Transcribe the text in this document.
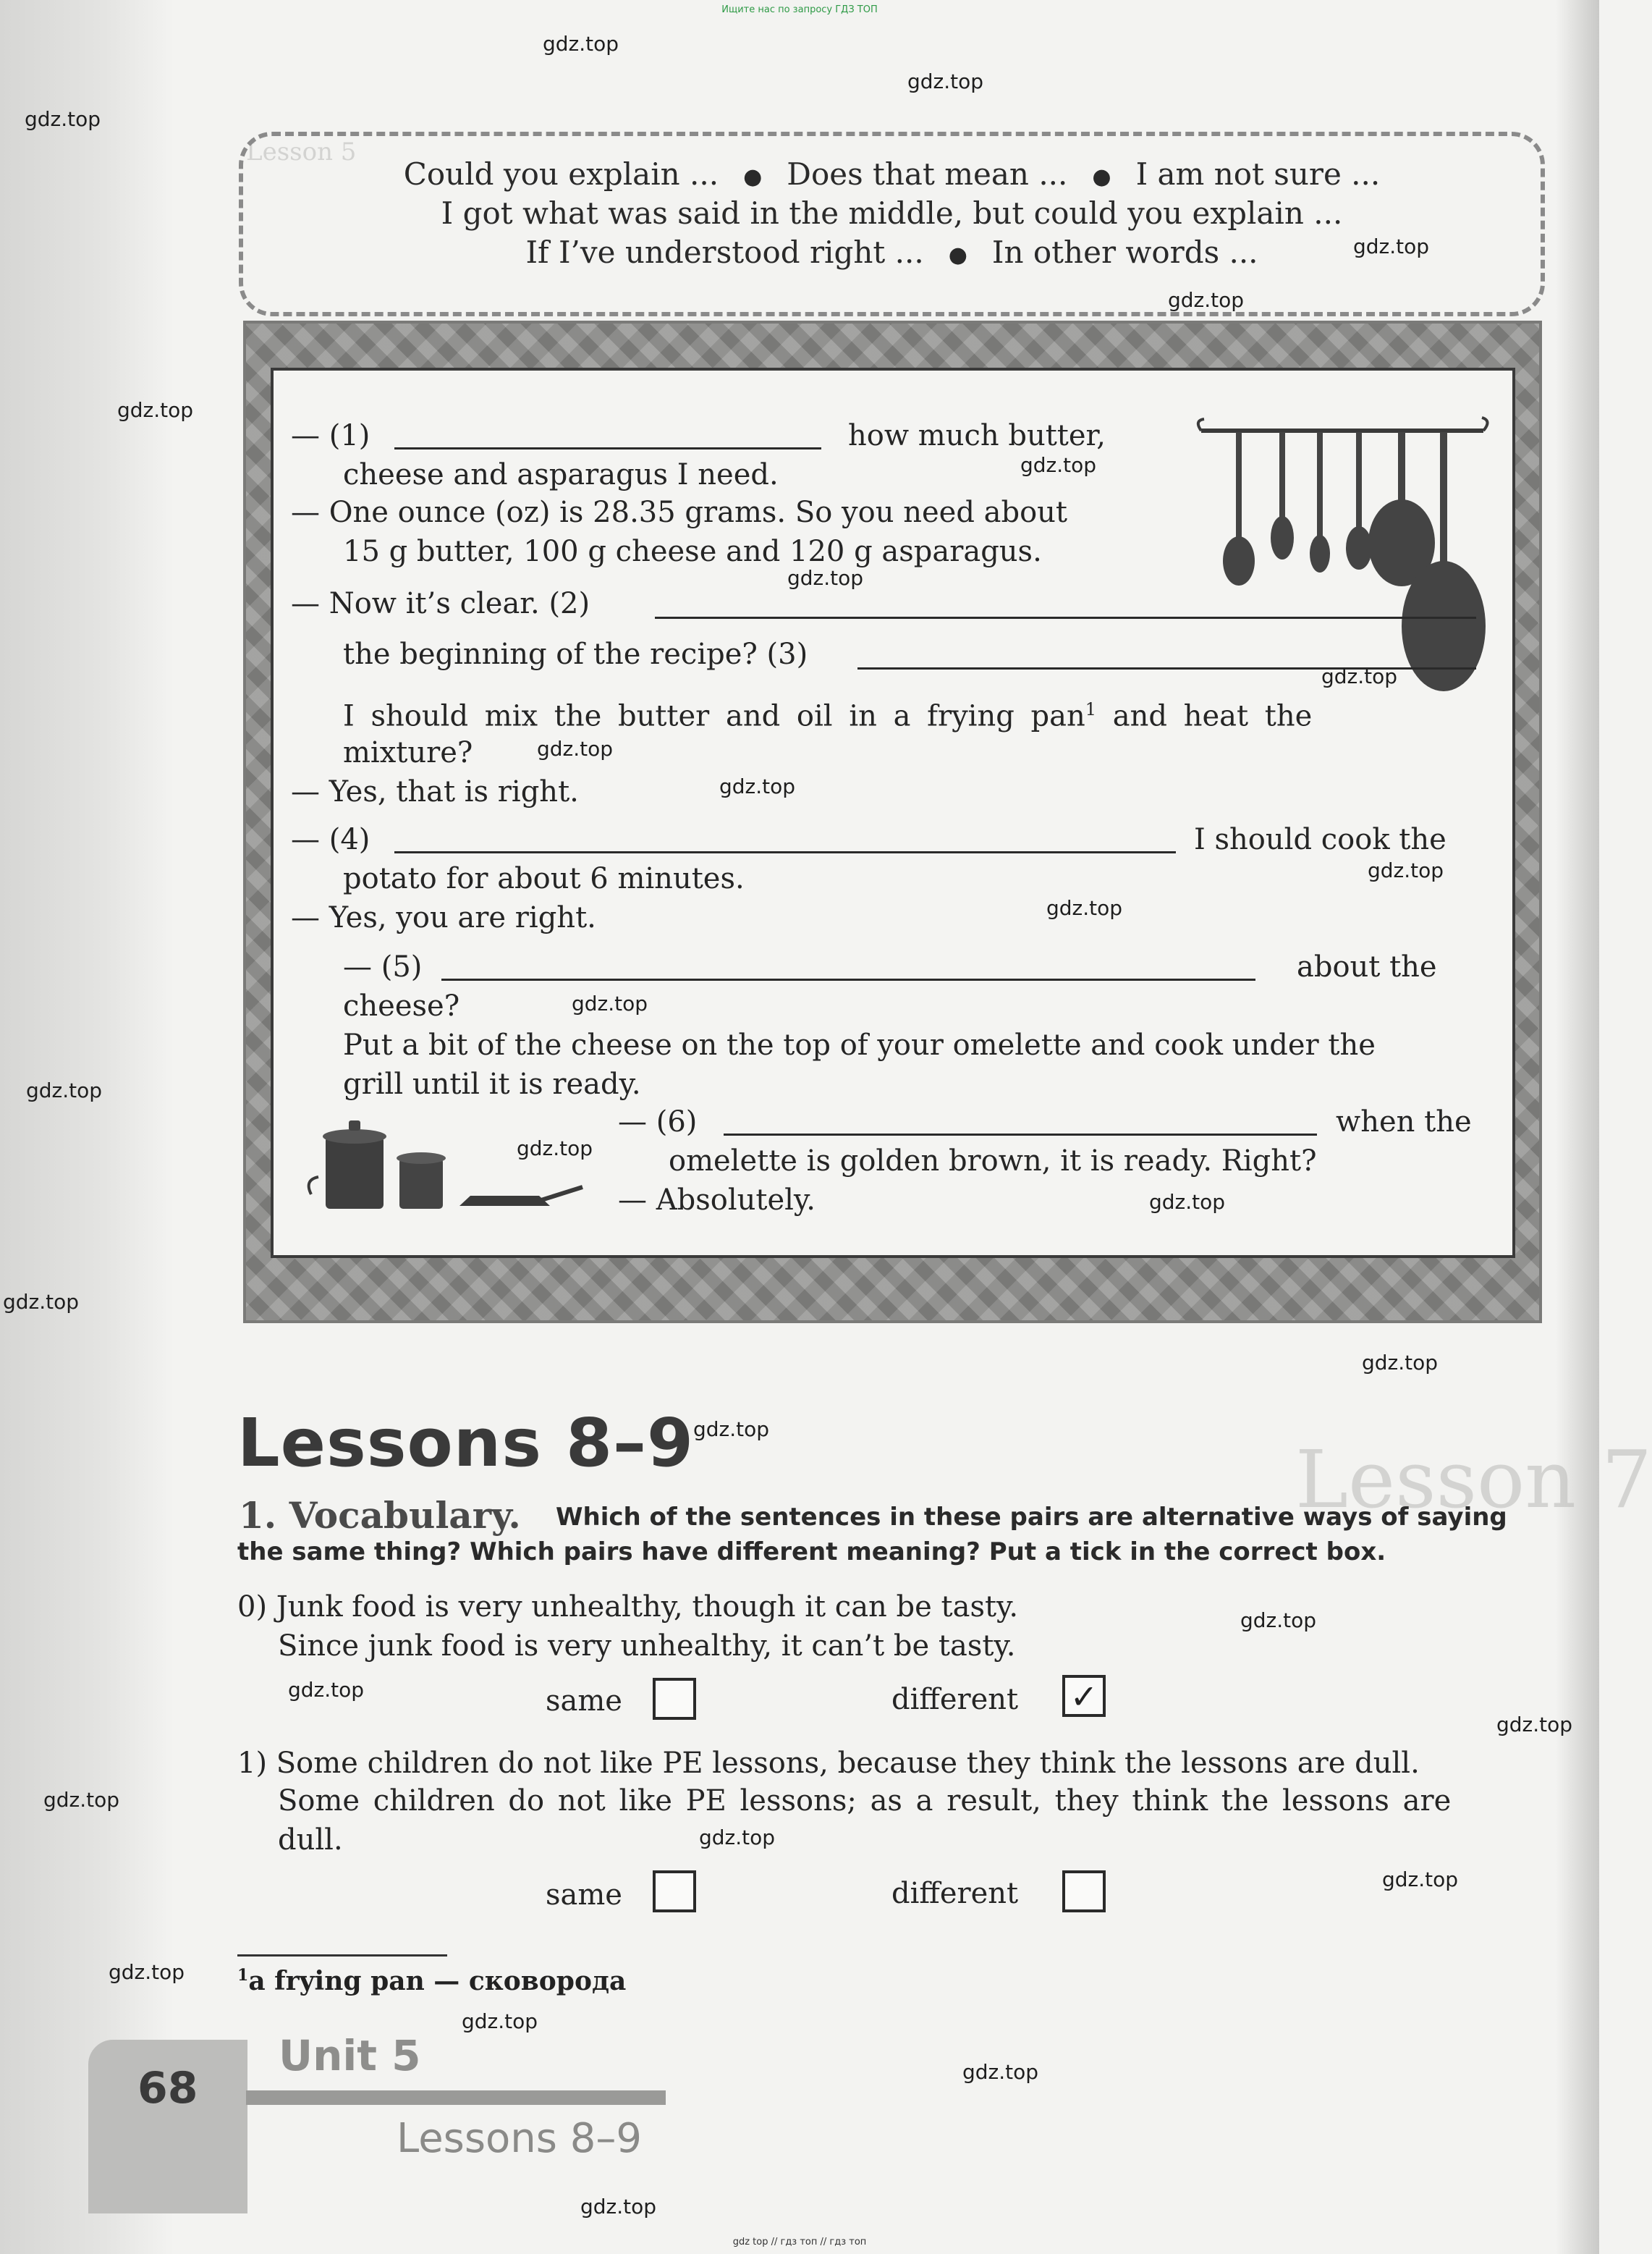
Ищите нас по запросу ГДЗ ТОП
Lesson 5
Lesson 7
Could you explain ... ● Does that mean ... ● I am not sure ...
I got what was said in the middle, but could you explain ...
If I’ve understood right ... ● In other words ...
— (1)	how much butter,
cheese and asparagus I need.
— One ounce (oz) is 28.35 grams. So you need about
15 g butter, 100 g cheese and 120 g asparagus.
— Now it’s clear. (2)
the beginning of the recipe? (3)
I should mix the butter and oil in a frying pan$^1$ and heat the
mixture?
— Yes, that is right.
— (4)	I should cook the
potato for about 6 minutes.
— Yes, you are right.
— (5)	about the
cheese?
Put a bit of the cheese on the top of your omelette and cook under the
grill until it is ready.
— (6)	when the
omelette is golden brown, it is ready. Right?
— Absolutely.
Lessons 8–9
1. Vocabulary. Which of the sentences in these pairs are alternative ways of saying
the same thing? Which pairs have different meaning? Put a tick in the correct box.
0) Junk food is very unhealthy, though it can be tasty.
Since junk food is very unhealthy, it can’t be tasty.
same	different ✓
1) Some children do not like PE lessons, because they think the lessons are dull.
Some children do not like PE lessons; as a result, they think the lessons are
dull.
same	different
$^1$a frying pan — сковорода
68
Unit 5
Lessons 8–9
gdz.top
gdz.top
gdz.top
gdz.top
gdz.top
gdz.top
gdz.top
gdz.top
gdz.top
gdz.top
gdz.top
gdz.top
gdz.top
gdz.top
gdz.top
gdz.top
gdz.top
gdz.top
gdz.top
gdz.top
gdz.top
gdz.top
gdz.top
gdz.top
gdz.top
gdz.top
gdz.top
gdz.top
gdz.top
gdz.top
gdz top // гдз топ // гдз топ
